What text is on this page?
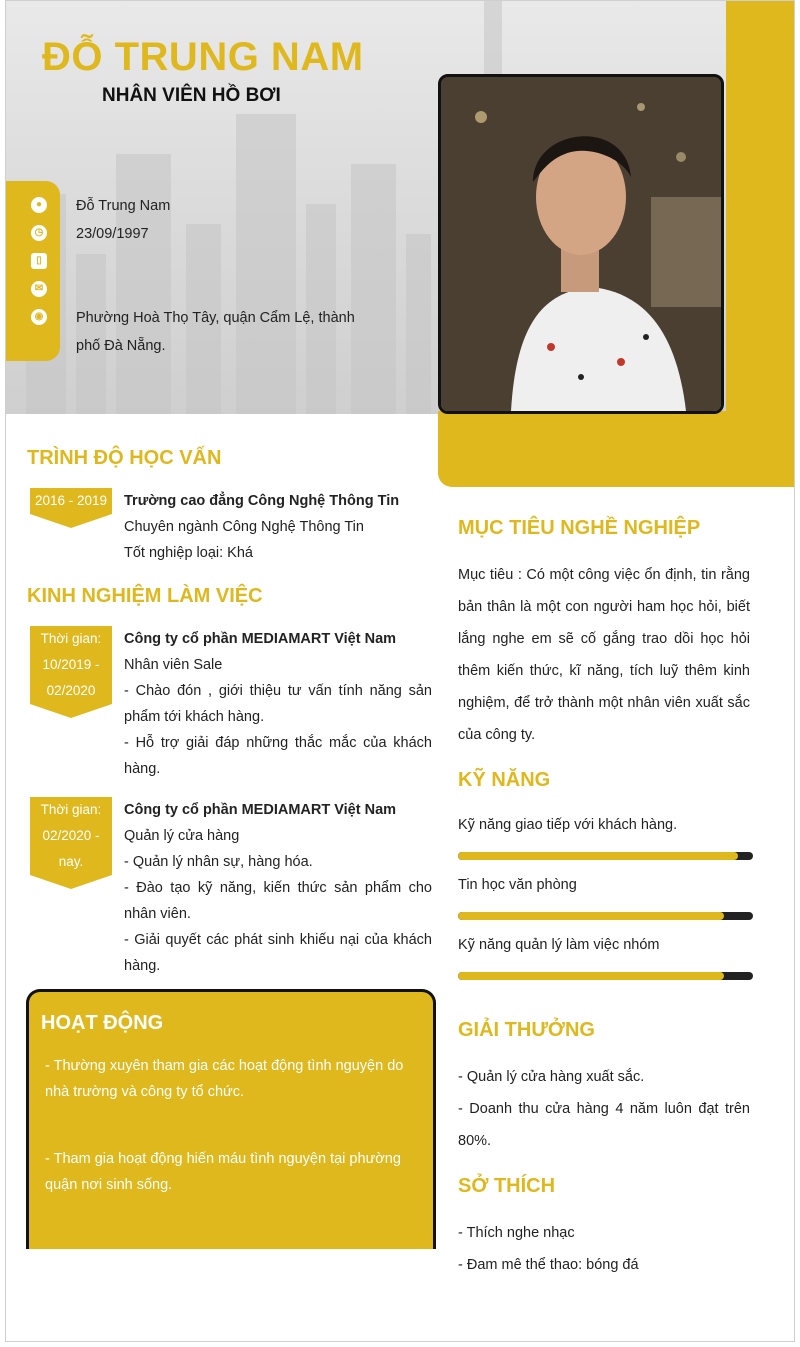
ĐỖ TRUNG NAM
NHÂN VIÊN HỒ BƠI
●
◷
▯
✉
◉
Đỗ Trung Nam
23/09/1997
Phường Hoà Thọ Tây, quận Cẩm Lệ, thành
phố Đà Nẵng.
TRÌNH ĐỘ HỌC VẤN
2016 - 2019	Trường cao đẳng Công Nghệ Thông Tin
Chuyên ngành Công Nghệ Thông Tin
Tốt nghiệp loại: Khá
KINH NGHIỆM LÀM VIỆC
Thời gian:
10/2019 -
02/2020
Công ty cổ phần MEDIAMART Việt Nam
Nhân viên Sale
- Chào đón , giới thiệu tư vấn tính năng sản phẩm tới khách hàng.
- Hỗ trợ giải đáp những thắc mắc của khách hàng.
Thời gian:
02/2020 -
nay.
Công ty cổ phần MEDIAMART Việt Nam
Quản lý cửa hàng
- Quản lý nhân sự, hàng hóa.
- Đào tạo kỹ năng, kiến thức sản phẩm cho nhân viên.
- Giải quyết các phát sinh khiếu nại của khách hàng.
HOẠT ĐỘNG
- Thường xuyên tham gia các hoạt động tình nguyện do nhà trường và công ty tổ chức.
- Tham gia hoạt động hiến máu tình nguyện tại phường quận nơi sinh sống.
MỤC TIÊU NGHỀ NGHIỆP
Mục tiêu : Có một công việc ổn định, tin rằng bản thân là một con người ham học hỏi, biết lắng nghe em sẽ cố gắng trao dồi học hỏi thêm kiến thức, kĩ năng, tích luỹ thêm kinh nghiệm, để trở thành một nhân viên xuất sắc của công ty.
KỸ NĂNG
Kỹ năng giao tiếp với khách hàng.
Tin học văn phòng
Kỹ năng quản lý làm việc nhóm
GIẢI THƯỞNG
- Quản lý cửa hàng xuất sắc.
- Doanh thu cửa hàng 4 năm luôn đạt trên 80%.
SỞ THÍCH
- Thích nghe nhạc
- Đam mê thể thao: bóng đá
